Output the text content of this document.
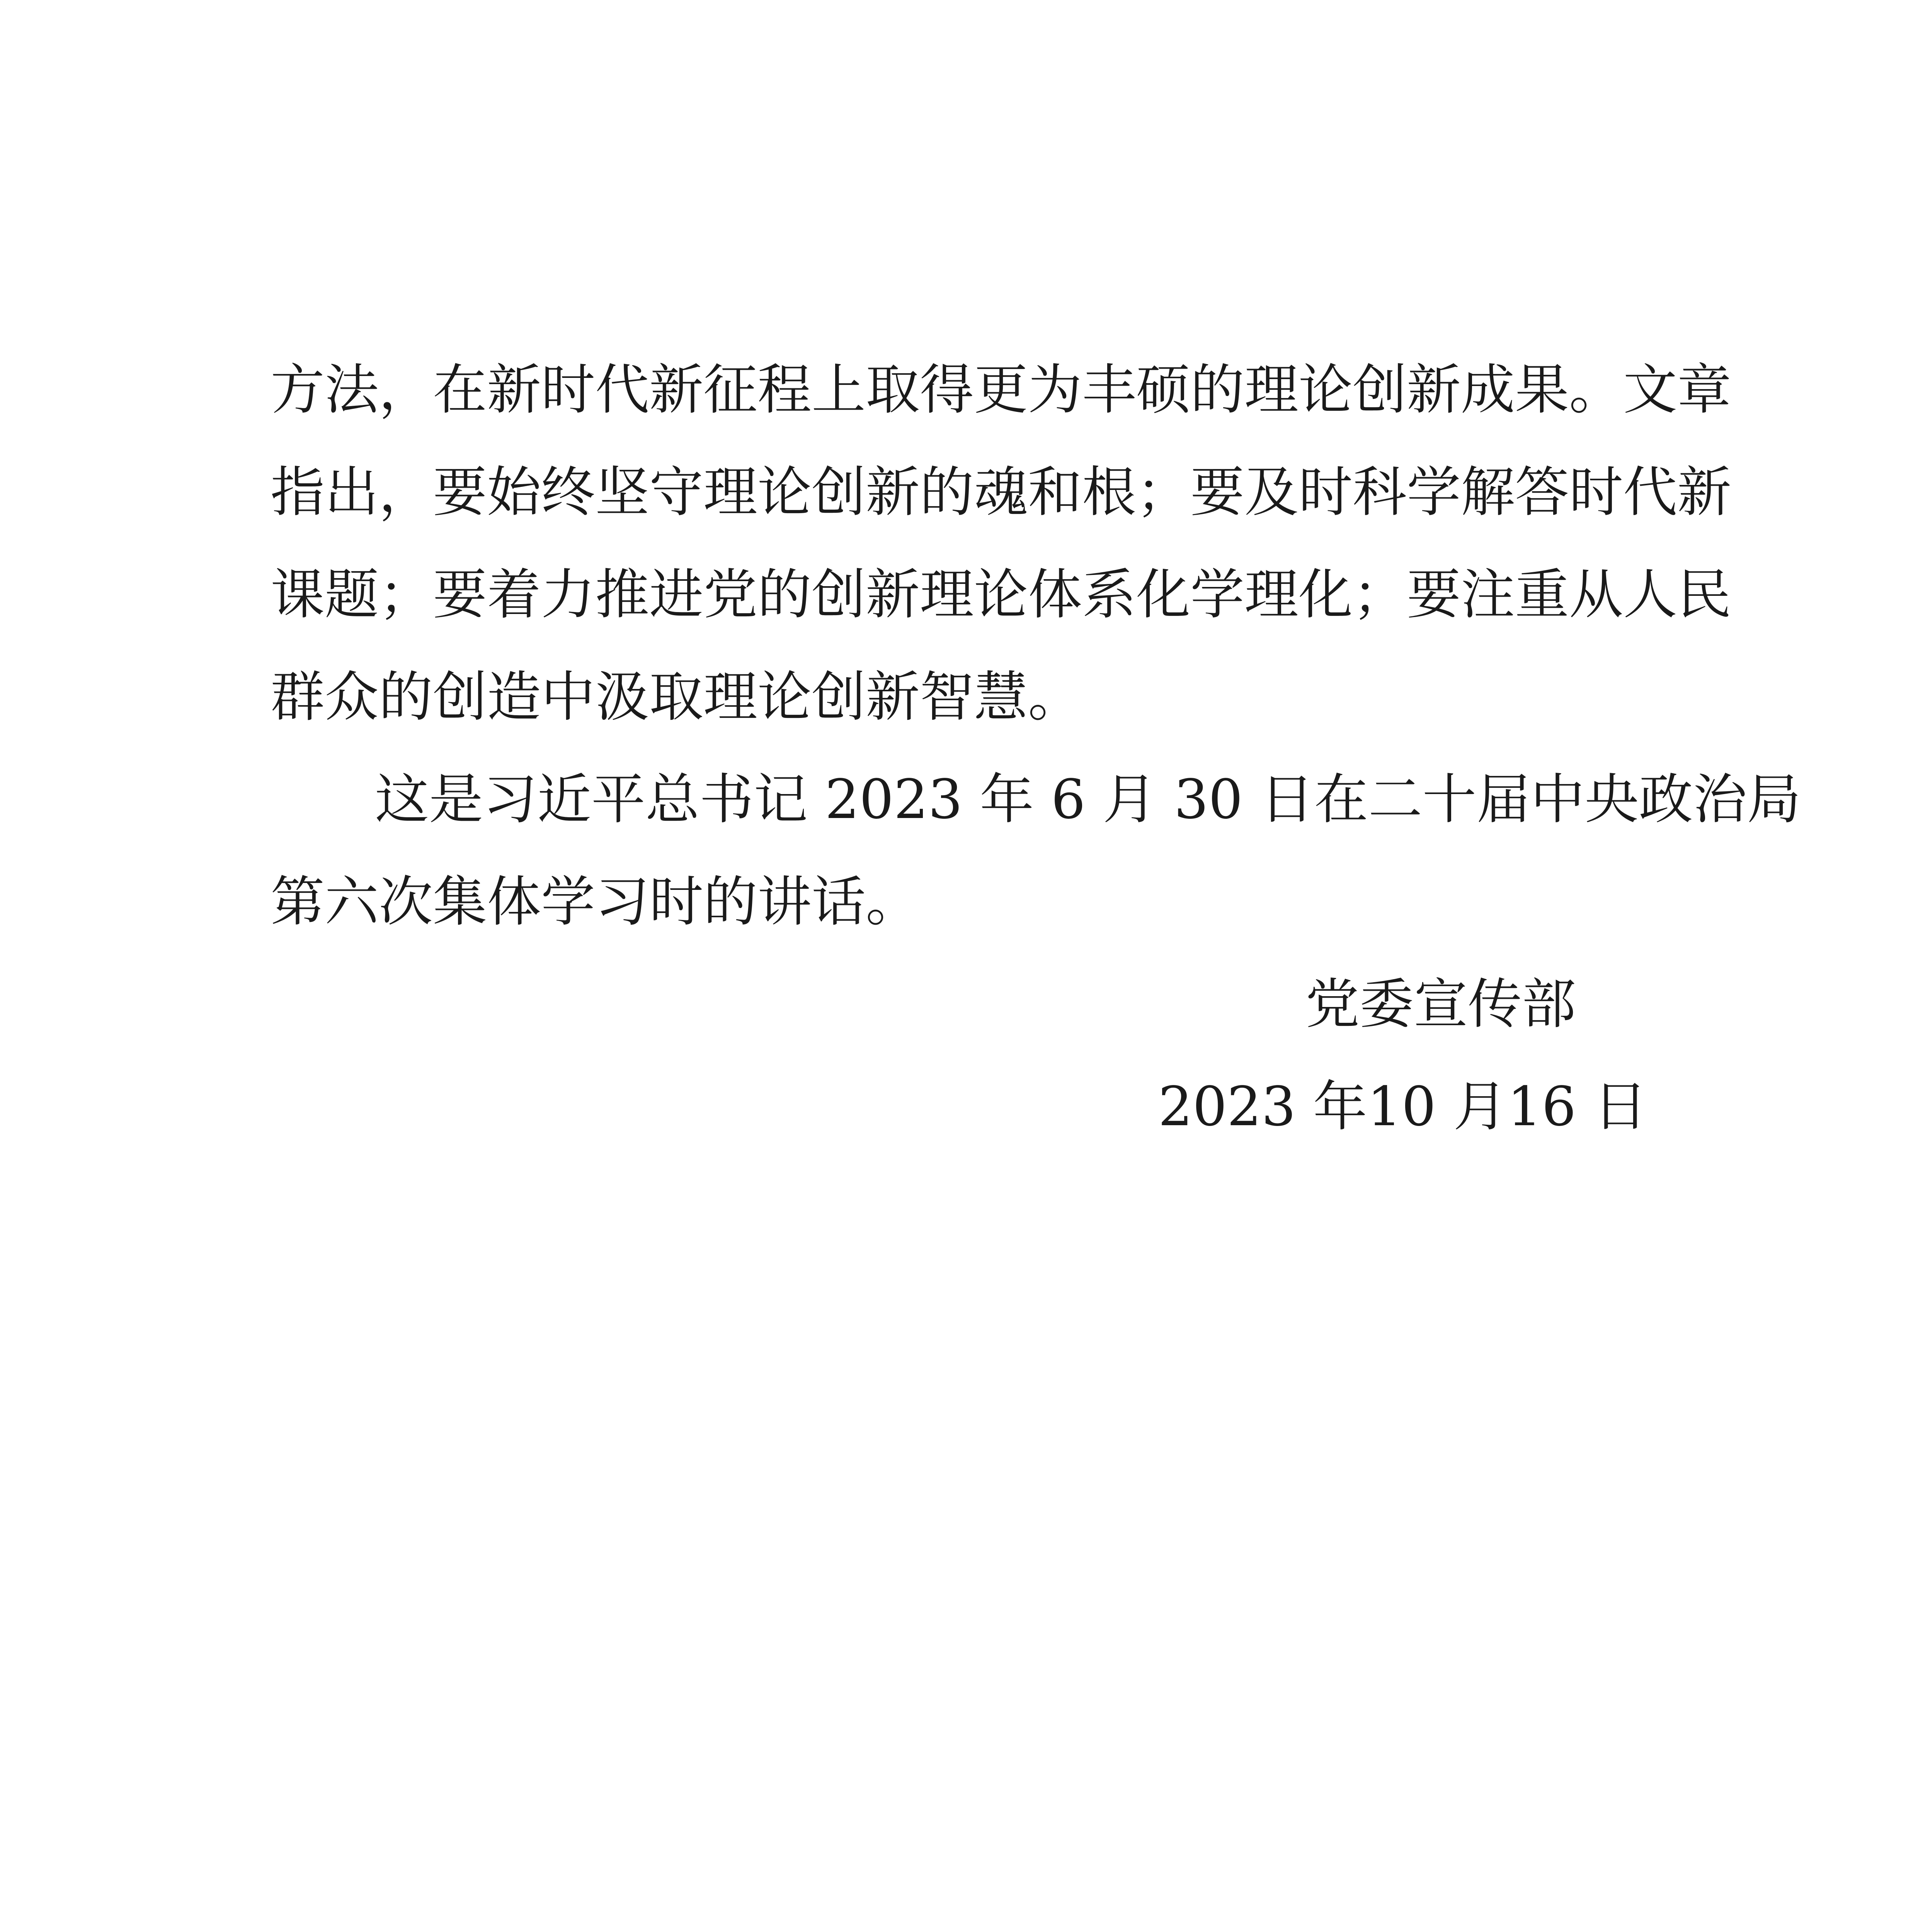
方法，在新时代新征程上取得更为丰硕的理论创新成果。文章
指出，要始终坚守理论创新的魂和根；要及时科学解答时代新
课题；要着力推进党的创新理论体系化学理化；要注重从人民
群众的创造中汲取理论创新智慧。
这是习近平总书记 2023 年 6 月 30 日在二十届中央政治局
第六次集体学习时的讲话。
党委宣传部
2023 年10 月16 日
